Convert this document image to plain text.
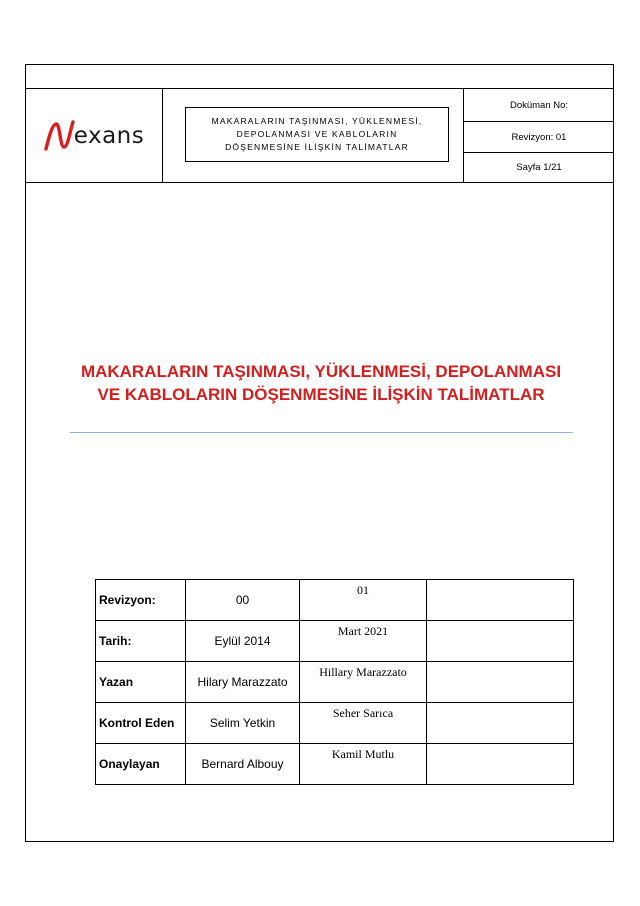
exans
MAKARALARIN TAŞINMASI, YÜKLENMESİ, DEPOLANMASI VE KABLOLARIN DÖŞENMESİNE İLİŞKİN TALİMATLAR
Doküman No:
Revizyon: 01
Sayfa 1/21
MAKARALARIN TAŞINMASI, YÜKLENMESİ, DEPOLANMASI VE KABLOLARIN DÖŞENMESİNE İLİŞKİN TALİMATLAR
Revizyon:	00	01	
Tarih:	Eylül 2014	Mart 2021	
Yazan	Hilary Marazzato	Hillary Marazzato	
Kontrol Eden	Selim Yetkin	Seher Sarıca	
Onaylayan	Bernard Albouy	Kamil Mutlu	
